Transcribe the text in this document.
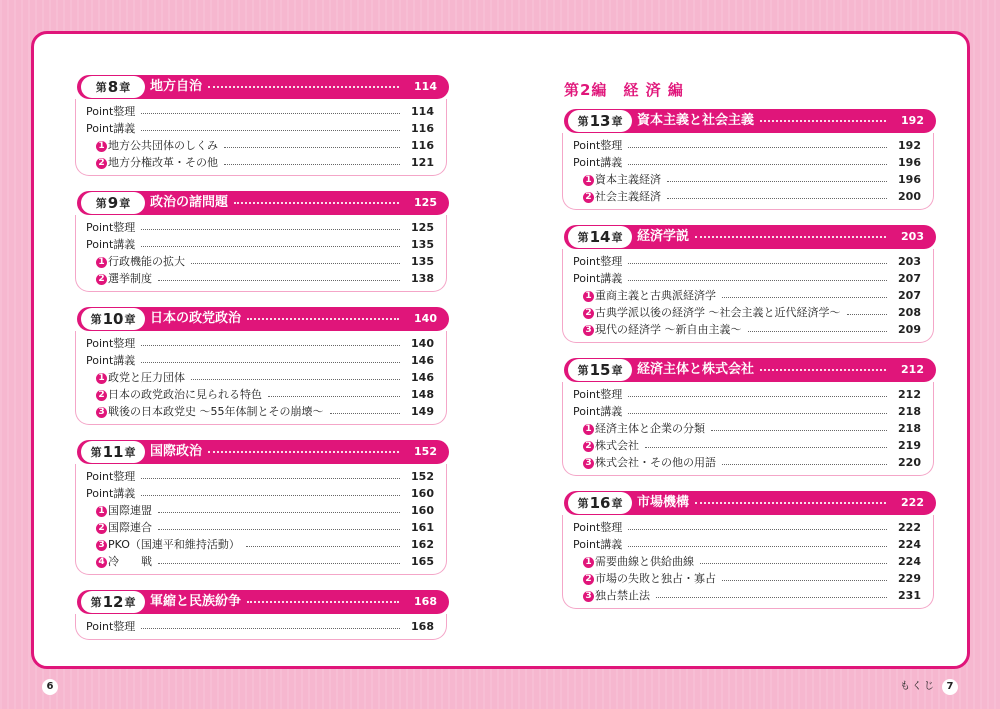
第 8 章 地方自治	114
Point整理	114
Point講義	116
1 地方公共団体のしくみ	116
2 地方分権改革・その他	121
第 9 章 政治の諸問題	125
Point整理	125
Point講義	135
1 行政機能の拡大	135
2 選挙制度	138
第 10 章 日本の政党政治	140
Point整理	140
Point講義	146
1 政党と圧力団体	146
2 日本の政党政治に見られる特色	148
3 戦後の日本政党史 ～55年体制とその崩壊～	149
第 11 章 国際政治	152
Point整理	152
Point講義	160
1 国際連盟	160
2 国際連合	161
3 PKO（国連平和維持活動）	162
4 冷　　戦	165
第 12 章 軍縮と民族紛争	168
Point整理	168
第2編　経 済 編
第 13 章 資本主義と社会主義	192
Point整理	192
Point講義	196
1 資本主義経済	196
2 社会主義経済	200
第 14 章 経済学説	203
Point整理	203
Point講義	207
1 重商主義と古典派経済学	207
2 古典学派以後の経済学 ～社会主義と近代経済学～	208
3 現代の経済学 ～新自由主義～	209
第 15 章 経済主体と株式会社	212
Point整理	212
Point講義	218
1 経済主体と企業の分類	218
2 株式会社	219
3 株式会社・その他の用語	220
第 16 章 市場機構	222
Point整理	222
Point講義	224
1 需要曲線と供給曲線	224
2 市場の失敗と独占・寡占	229
3 独占禁止法	231
6	もくじ	7
